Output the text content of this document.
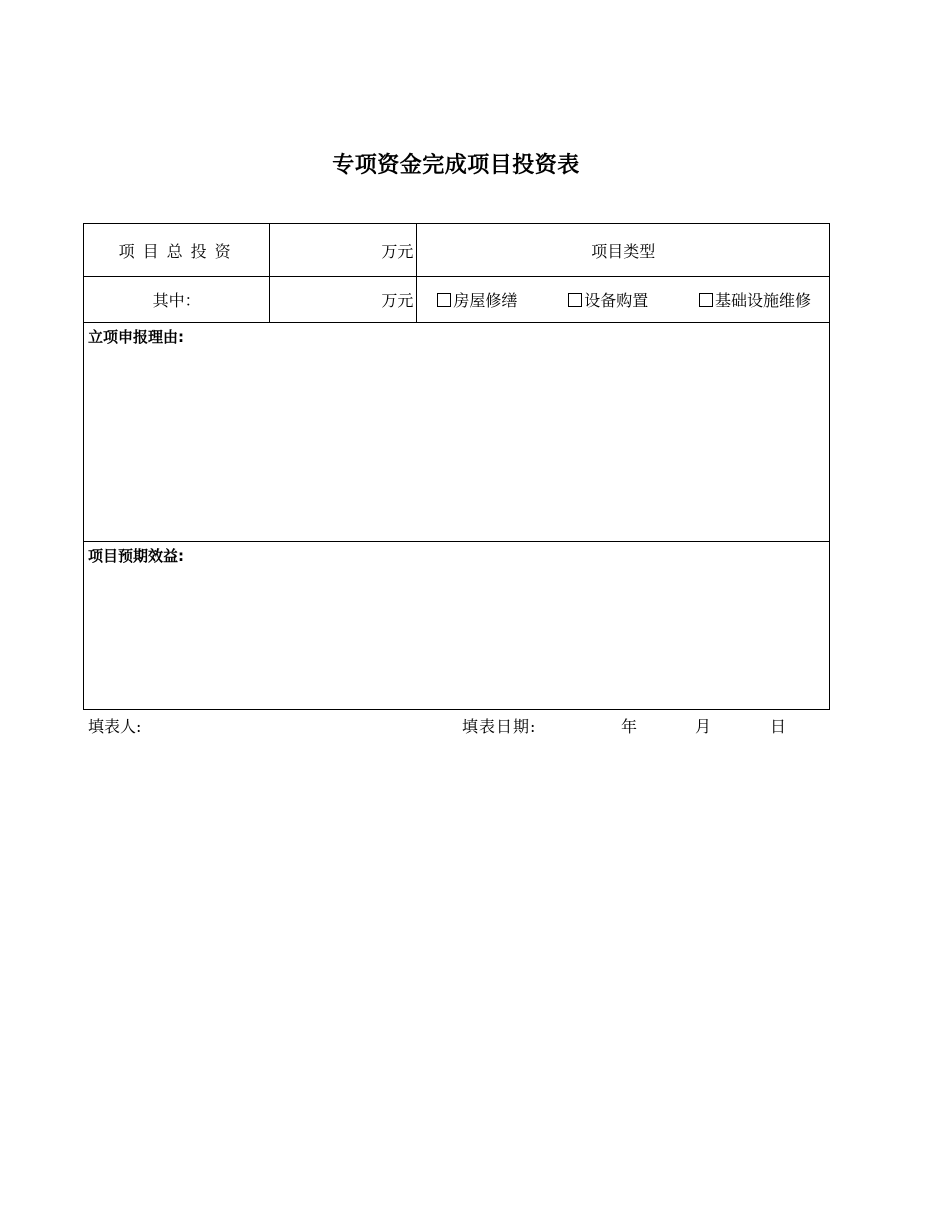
专项资金完成项目投资表
项目总投资	万元	项目类型
其中：	万元	房屋修缮 设备购置 基础设施维修

立项申报理由:		
项目预期效益:		
填表人:	填表日期:	年	月	日
